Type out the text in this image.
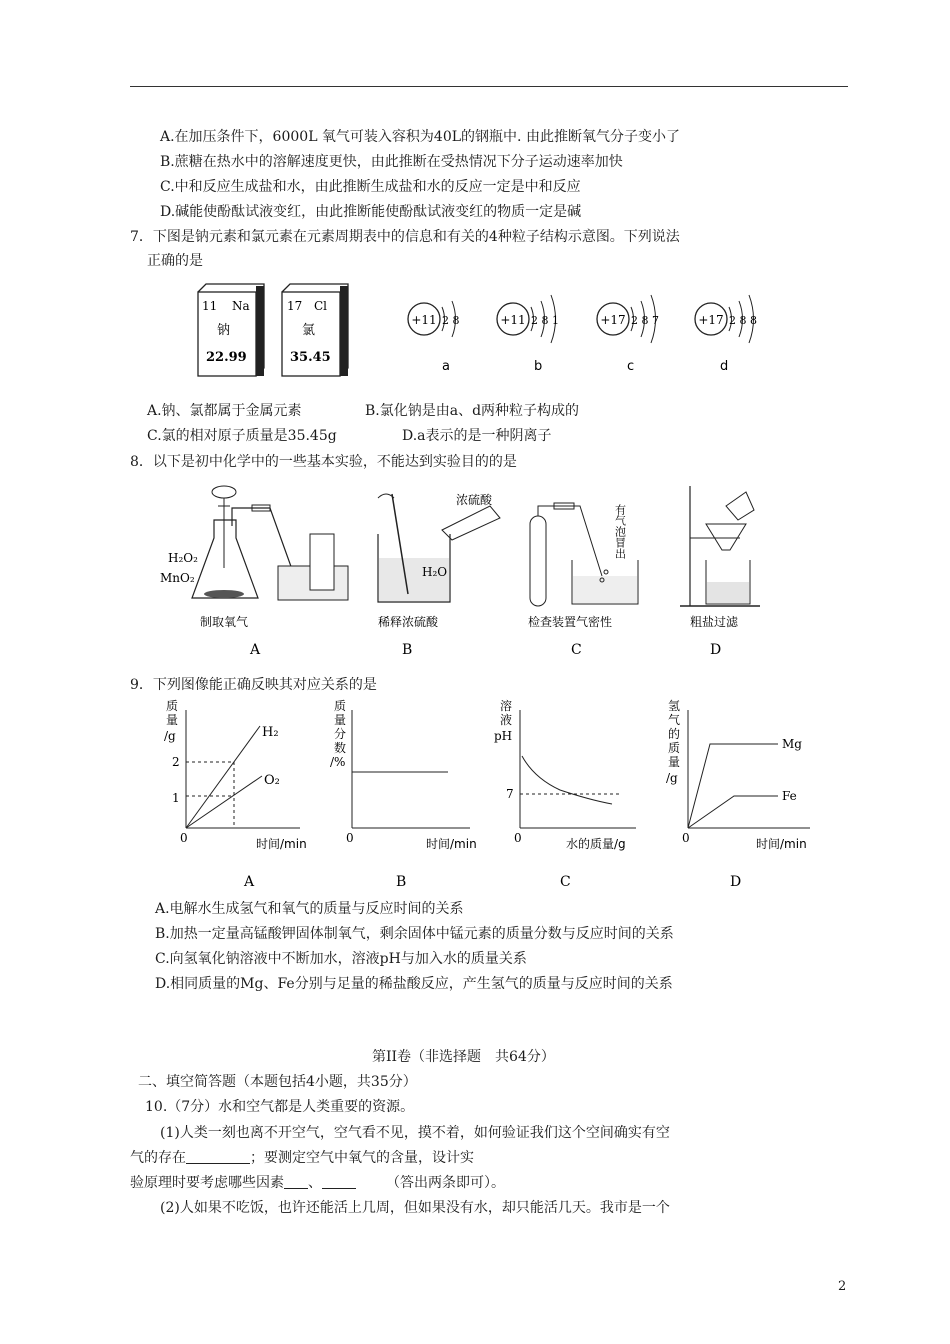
A.在加压条件下，6000L 氧气可装入容积为40L的钢瓶中. 由此推断氧气分子变小了
B.蔗糖在热水中的溶解速度更快，由此推断在受热情况下分子运动速率加快
C.中和反应生成盐和水，由此推断生成盐和水的反应一定是中和反应
D.碱能使酚酞试液变红，由此推断能使酚酞试液变红的物质一定是碱
7．下图是钠元素和氯元素在元素周期表中的信息和有关的4种粒子结构示意图。下列说法
正确的是
11 Na
钠
22.99
17 Cl
氯
35.45
+11 2 8
a
+11 2 8 1
b
+17 2 8 7
c
+17 2 8 8
d
A.钠、氯都属于金属元素	B.氯化钠是由a、d两种粒子构成的
C.氯的相对原子质量是35.45g	D.a表示的是一种阴离子
8．以下是初中化学中的一些基本实验，不能达到实验目的的是
H₂O₂
MnO₂
浓硫酸
H₂O
有气泡冒出
制取氧气	稀释浓硫酸	检查装置气密性	粗盐过滤
A	B	C	D
9．下列图像能正确反映其对应关系的是
质
量
/g
0
2
1
H₂
O₂
时间/min
A
质
量
分
数
/%
0	时间/min
B
溶
液
pH
0
7
水的质量/g
C
氢
气
的
质
量
/g
0
Mg
Fe
时间/min
D
A.电解水生成氢气和氧气的质量与反应时间的关系
B.加热一定量高锰酸钾固体制氧气，剩余固体中锰元素的质量分数与反应时间的关系
C.向氢氧化钠溶液中不断加水，溶液pH与加入水的质量关系
D.相同质量的Mg、Fe分别与足量的稀盐酸反应，产生氢气的质量与反应时间的关系
第II卷（非选择题　共64分）
二、填空简答题（本题包括4小题，共35分）
10.（7分）水和空气都是人类重要的资源。
(1)人类一刻也离不开空气，空气看不见，摸不着，如何验证我们这个空间确实有空
气的存在	；要测定空气中氧气的含量，设计实
验原理时要考虑哪些因素 、	（答出两条即可）。
(2)人如果不吃饭，也许还能活上几周，但如果没有水，却只能活几天。我市是一个
2
